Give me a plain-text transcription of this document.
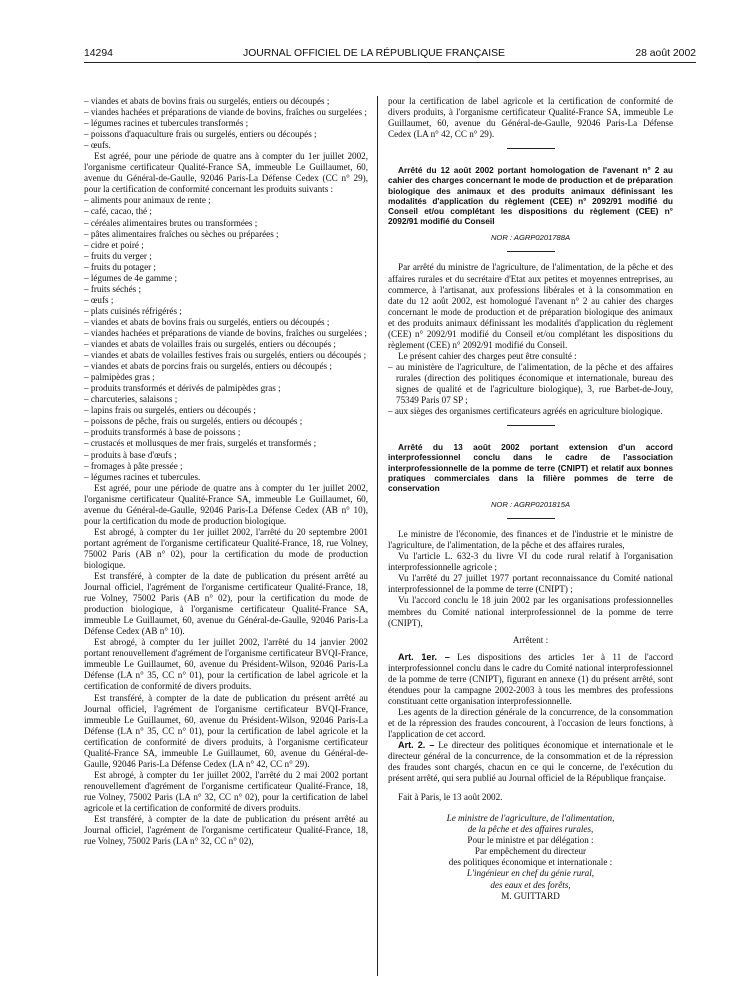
14294	JOURNAL OFFICIEL DE LA RÉPUBLIQUE FRANÇAISE	28 août 2002

– viandes et abats de bovins frais ou surgelés, entiers ou découpés ;

– viandes hachées et préparations de viande de bovins, fraîches ou surgelées ;

– légumes racines et tubercules transformés ;

– poissons d'aquaculture frais ou surgelés, entiers ou découpés ;

– œufs.

Est agréé, pour une période de quatre ans à compter du 1er juillet 2002, l'organisme certificateur Qualité-France SA, immeuble Le Guillaumet, 60, avenue du Général-de-Gaulle, 92046 Paris-La Défense Cedex (CC n° 29), pour la certification de conformité concernant les produits suivants :

– aliments pour animaux de rente ;

– café, cacao, thé ;

– céréales alimentaires brutes ou transformées ;

– pâtes alimentaires fraîches ou sèches ou préparées ;

– cidre et poiré ;

– fruits du verger ;

– fruits du potager ;

– légumes de 4e gamme ;

– fruits séchés ;

– œufs ;

– plats cuisinés réfrigérés ;

– viandes et abats de bovins frais ou surgelés, entiers ou découpés ;

– viandes hachées et préparations de viande de bovins, fraîches ou surgelées ;

– viandes et abats de volailles frais ou surgelés, entiers ou découpés ;

– viandes et abats de volailles festives frais ou surgelés, entiers ou découpés ;

– viandes et abats de porcins frais ou surgelés, entiers ou découpés ;

– palmipèdes gras ;

– produits transformés et dérivés de palmipèdes gras ;

– charcuteries, salaisons ;

– lapins frais ou surgelés, entiers ou découpés ;

– poissons de pêche, frais ou surgelés, entiers ou découpés ;

– produits transformés à base de poissons ;

– crustacés et mollusques de mer frais, surgelés et transformés ;

– produits à base d'œufs ;

– fromages à pâte pressée ;

– légumes racines et tubercules.

Est agréé, pour une période de quatre ans à compter du 1er juillet 2002, l'organisme certificateur Qualité-France SA, immeuble Le Guillaumet, 60, avenue du Général-de-Gaulle, 92046 Paris-La Défense Cedex (AB n° 10), pour la certification du mode de production biologique.

Est abrogé, à compter du 1er juillet 2002, l'arrêté du 20 septembre 2001 portant agrément de l'organisme certificateur Qualité-France, 18, rue Volney, 75002 Paris (AB n° 02), pour la certification du mode de production biologique.

Est transféré, à compter de la date de publication du présent arrêté au Journal officiel, l'agrément de l'organisme certificateur Qualité-France, 18, rue Volney, 75002 Paris (AB n° 02), pour la certification du mode de production biologique, à l'organisme certificateur Qualité-France SA, immeuble Le Guillaumet, 60, avenue du Général-de-Gaulle, 92046 Paris-La Défense Cedex (AB n° 10).

Est abrogé, à compter du 1er juillet 2002, l'arrêté du 14 janvier 2002 portant renouvellement d'agrément de l'organisme certificateur BVQI-France, immeuble Le Guillaumet, 60, avenue du Président-Wilson, 92046 Paris-La Défense (LA n° 35, CC n° 01), pour la certification de label agricole et la certification de conformité de divers produits.

Est transféré, à compter de la date de publication du présent arrêté au Journal officiel, l'agrément de l'organisme certificateur BVQI-France, immeuble Le Guillaumet, 60, avenue du Président-Wilson, 92046 Paris-La Défense (LA n° 35, CC n° 01), pour la certification de label agricole et la certification de conformité de divers produits, à l'organisme certificateur Qualité-France SA, immeuble Le Guillaumet, 60, avenue du Général-de-Gaulle, 92046 Paris-La Défense Cedex (LA n° 42, CC n° 29).

Est abrogé, à compter du 1er juillet 2002, l'arrêté du 2 mai 2002 portant renouvellement d'agrément de l'organisme certificateur Qualité-France, 18, rue Volney, 75002 Paris (LA n° 32, CC n° 02), pour la certification de label agricole et la certification de conformité de divers produits.

Est transféré, à compter de la date de publication du présent arrêté au Journal officiel, l'agrément de l'organisme certificateur Qualité-France, 18, rue Volney, 75002 Paris (LA n° 32, CC n° 02),

pour la certification de label agricole et la certification de conformité de divers produits, à l'organisme certificateur Qualité-France SA, immeuble Le Guillaumet, 60, avenue du Général-de-Gaulle, 92046 Paris-La Défense Cedex (LA n° 42, CC n° 29).

Arrêté du 12 août 2002 portant homologation de l'avenant n° 2 au cahier des charges concernant le mode de production et de préparation biologique des animaux et des produits animaux définissant les modalités d'application du règlement (CEE) n° 2092/91 modifié du Conseil et/ou complétant les dispositions du règlement (CEE) n° 2092/91 modifié du Conseil

NOR : AGRP0201788A

Par arrêté du ministre de l'agriculture, de l'alimentation, de la pêche et des affaires rurales et du secrétaire d'Etat aux petites et moyennes entreprises, au commerce, à l'artisanat, aux professions libérales et à la consommation en date du 12 août 2002, est homologué l'avenant n° 2 au cahier des charges concernant le mode de production et de préparation biologique des animaux et des produits animaux définissant les modalités d'application du règlement (CEE) n° 2092/91 modifié du Conseil et/ou complétant les dispositions du règlement (CEE) n° 2092/91 modifié du Conseil.

Le présent cahier des charges peut être consulté :

– au ministère de l'agriculture, de l'alimentation, de la pêche et des affaires rurales (direction des politiques économique et internationale, bureau des signes de qualité et de l'agriculture biologique), 3, rue Barbet-de-Jouy, 75349 Paris 07 SP ;

– aux sièges des organismes certificateurs agréés en agriculture biologique.

Arrêté du 13 août 2002 portant extension d'un accord interprofessionnel conclu dans le cadre de l'association interprofessionnelle de la pomme de terre (CNIPT) et relatif aux bonnes pratiques commerciales dans la filière pommes de terre de conservation

NOR : AGRP0201815A

Le ministre de l'économie, des finances et de l'industrie et le ministre de l'agriculture, de l'alimentation, de la pêche et des affaires rurales,

Vu l'article L. 632-3 du livre VI du code rural relatif à l'organisation interprofessionnelle agricole ;

Vu l'arrêté du 27 juillet 1977 portant reconnaissance du Comité national interprofessionnel de la pomme de terre (CNIPT) ;

Vu l'accord conclu le 18 juin 2002 par les organisations professionnelles membres du Comité national interprofessionnel de la pomme de terre (CNIPT),

Arrêtent :

Art. 1er. – Les dispositions des articles 1er à 11 de l'accord interprofessionnel conclu dans le cadre du Comité national interprofessionnel de la pomme de terre (CNIPT), figurant en annexe (1) du présent arrêté, sont étendues pour la campagne 2002-2003 à tous les membres des professions constituant cette organisation interprofessionnelle.

Les agents de la direction générale de la concurrence, de la consommation et de la répression des fraudes concourent, à l'occasion de leurs fonctions, à l'application de cet accord.

Art. 2. – Le directeur des politiques économique et internationale et le directeur général de la concurrence, de la consommation et de la répression des fraudes sont chargés, chacun en ce qui le concerne, de l'exécution du présent arrêté, qui sera publié au Journal officiel de la République française.

Fait à Paris, le 13 août 2002.

Le ministre de l'agriculture, de l'alimentation,

de la pêche et des affaires rurales,

Pour le ministre et par délégation :

Par empêchement du directeur

des politiques économique et internationale :

L'ingénieur en chef du génie rural,

des eaux et des forêts,

M. GUITTARD
